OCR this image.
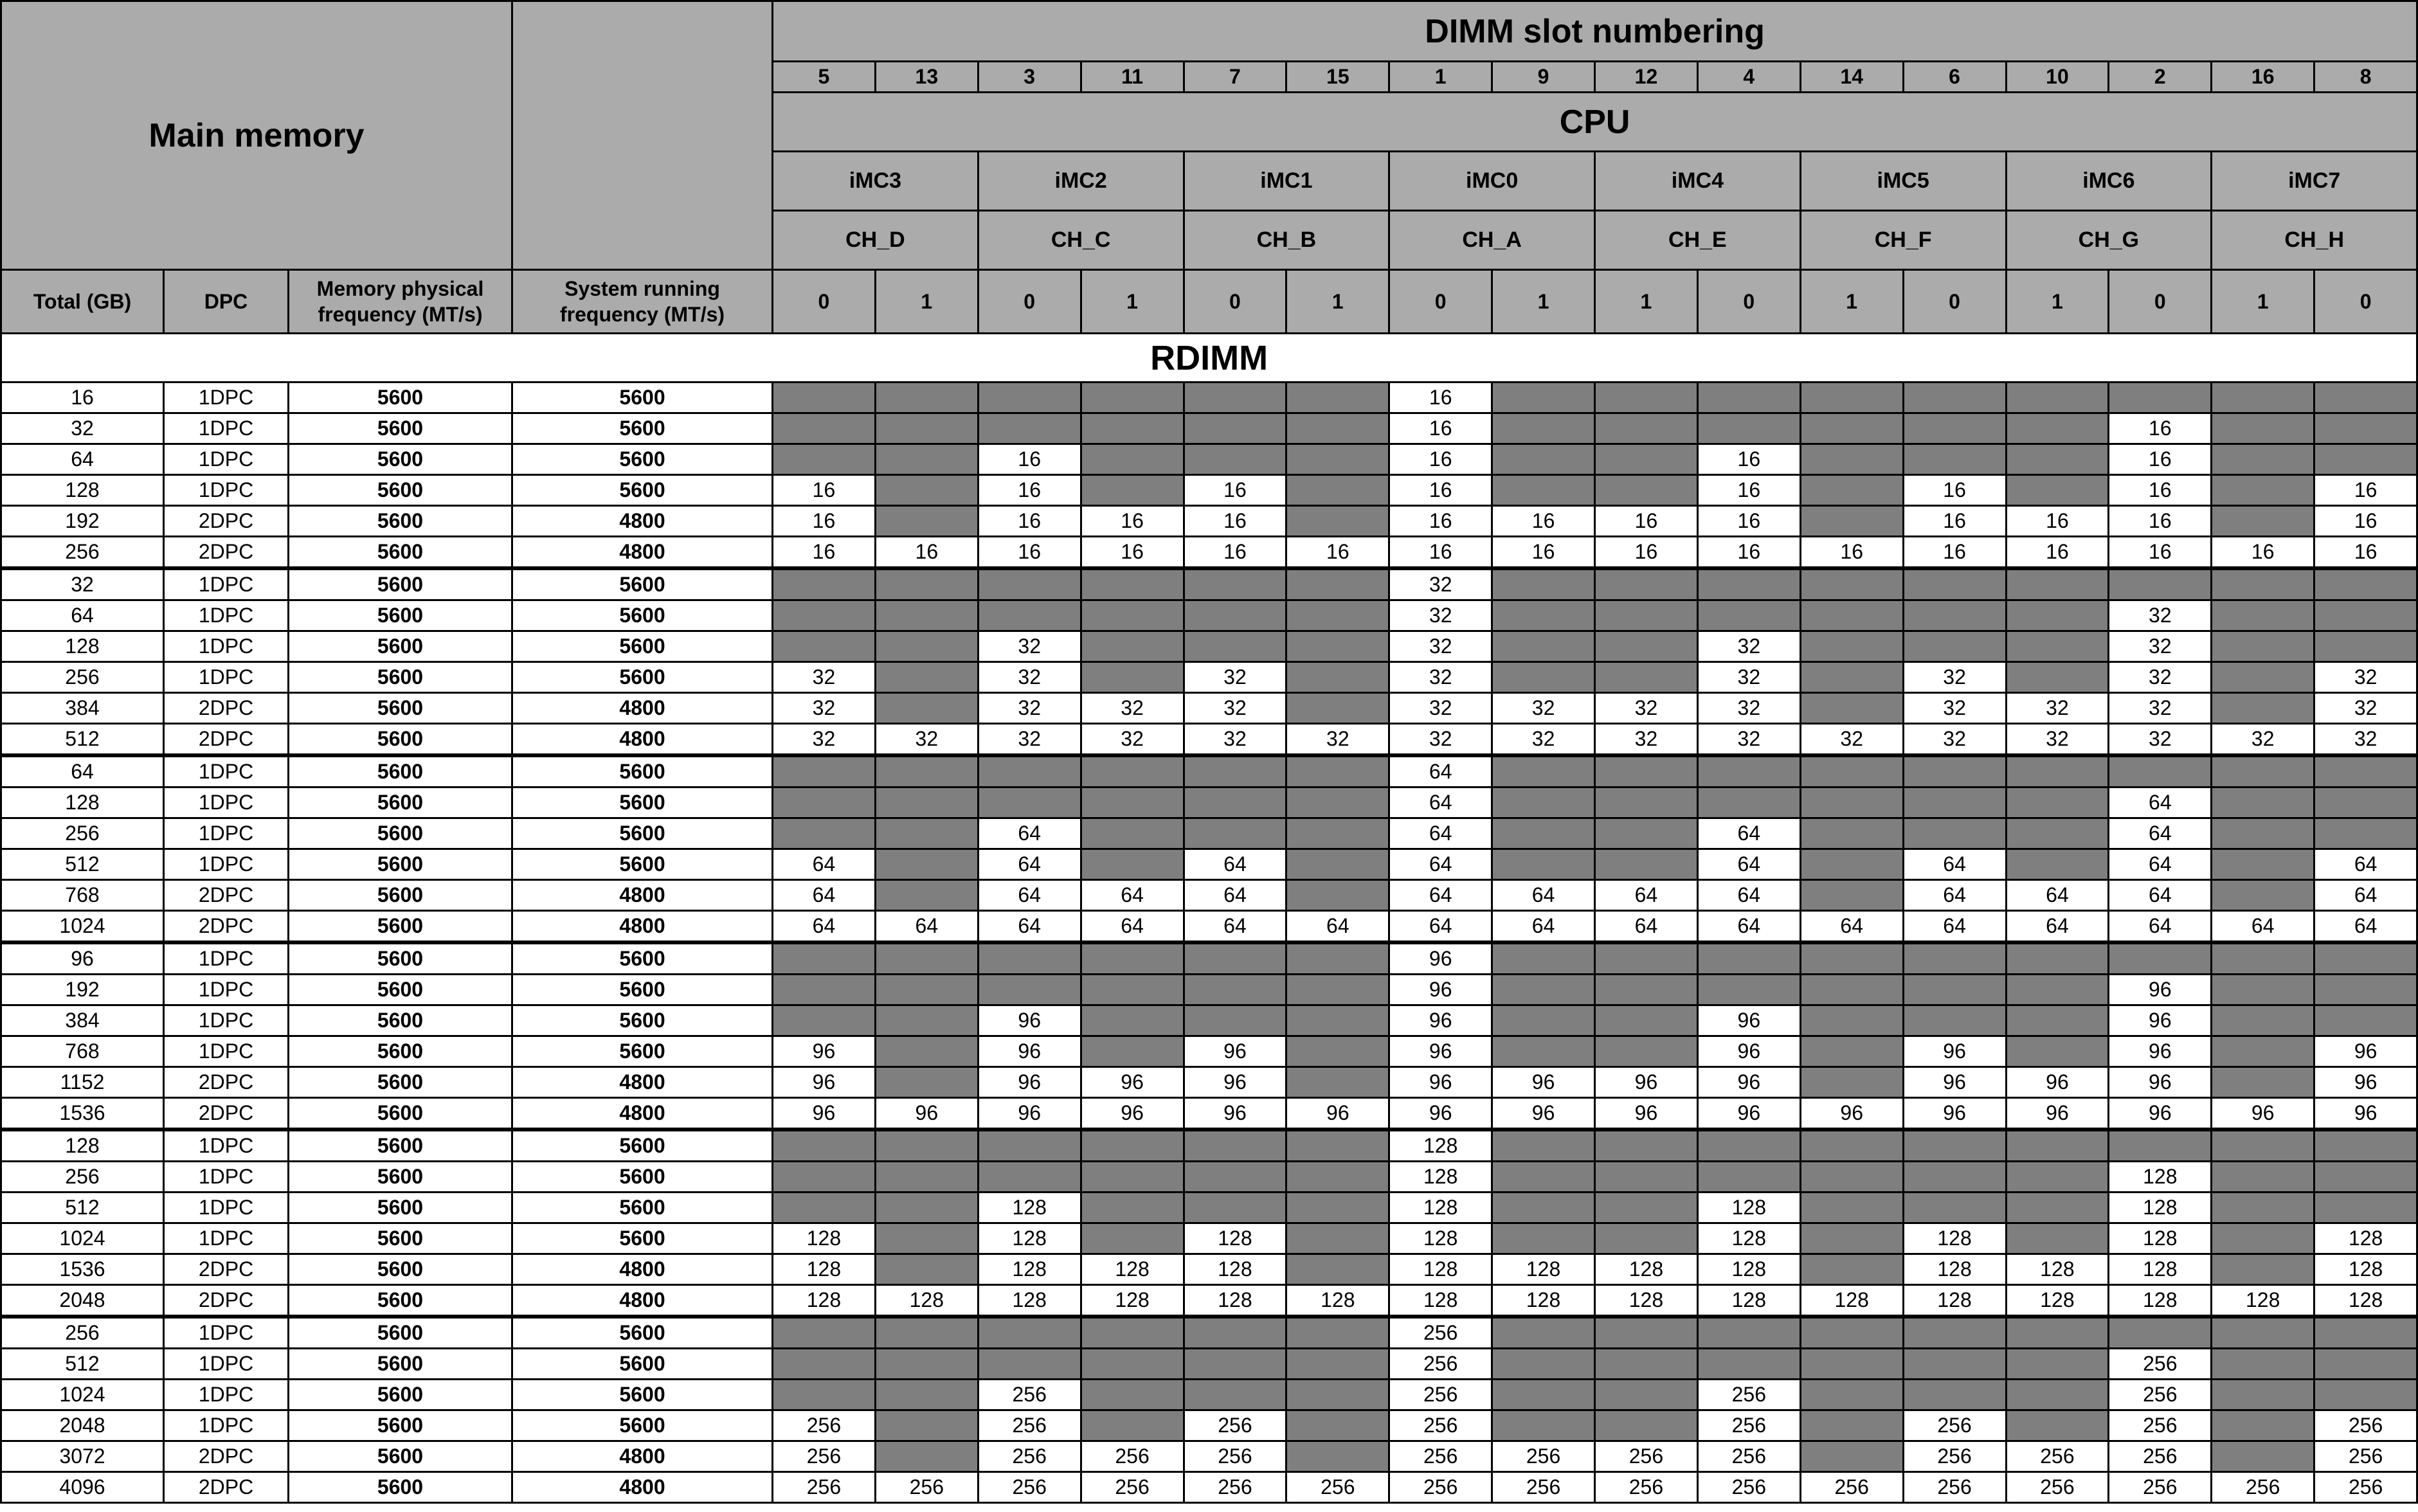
Main memory				DIMM slot numbering															
				5	13	3	11	7	15	1	9	12	4	14	6	10	2	16	8
				CPU															
				iMC3		iMC2		iMC1		iMC0		iMC4		iMC5		iMC6		iMC7	
				CH_D		CH_C		CH_B		CH_A		CH_E		CH_F		CH_G		CH_H	
Total (GB)	DPC	Memory physical frequency (MT/s)	System running frequency (MT/s)	0	1	0	1	0	1	0	1	1	0	1	0	1	0	1	0
RDIMM																			
16	1DPC	5600	5600							16									
32	1DPC	5600	5600							16							16		
64	1DPC	5600	5600			16				16			16				16		
128	1DPC	5600	5600	16		16		16		16			16		16		16		16
192	2DPC	5600	4800	16		16	16	16		16	16	16	16		16	16	16		16
256	2DPC	5600	4800	16	16	16	16	16	16	16	16	16	16	16	16	16	16	16	16
32	1DPC	5600	5600							32									
64	1DPC	5600	5600							32							32		
128	1DPC	5600	5600			32				32			32				32		
256	1DPC	5600	5600	32		32		32		32			32		32		32		32
384	2DPC	5600	4800	32		32	32	32		32	32	32	32		32	32	32		32
512	2DPC	5600	4800	32	32	32	32	32	32	32	32	32	32	32	32	32	32	32	32
64	1DPC	5600	5600							64									
128	1DPC	5600	5600							64							64		
256	1DPC	5600	5600			64				64			64				64		
512	1DPC	5600	5600	64		64		64		64			64		64		64		64
768	2DPC	5600	4800	64		64	64	64		64	64	64	64		64	64	64		64
1024	2DPC	5600	4800	64	64	64	64	64	64	64	64	64	64	64	64	64	64	64	64
96	1DPC	5600	5600							96									
192	1DPC	5600	5600							96							96		
384	1DPC	5600	5600			96				96			96				96		
768	1DPC	5600	5600	96		96		96		96			96		96		96		96
1152	2DPC	5600	4800	96		96	96	96		96	96	96	96		96	96	96		96
1536	2DPC	5600	4800	96	96	96	96	96	96	96	96	96	96	96	96	96	96	96	96
128	1DPC	5600	5600							128									
256	1DPC	5600	5600							128							128		
512	1DPC	5600	5600			128				128			128				128		
1024	1DPC	5600	5600	128		128		128		128			128		128		128		128
1536	2DPC	5600	4800	128		128	128	128		128	128	128	128		128	128	128		128
2048	2DPC	5600	4800	128	128	128	128	128	128	128	128	128	128	128	128	128	128	128	128
256	1DPC	5600	5600							256									
512	1DPC	5600	5600							256							256		
1024	1DPC	5600	5600			256				256			256				256		
2048	1DPC	5600	5600	256		256		256		256			256		256		256		256
3072	2DPC	5600	4800	256		256	256	256		256	256	256	256		256	256	256		256
4096	2DPC	5600	4800	256	256	256	256	256	256	256	256	256	256	256	256	256	256	256	256
